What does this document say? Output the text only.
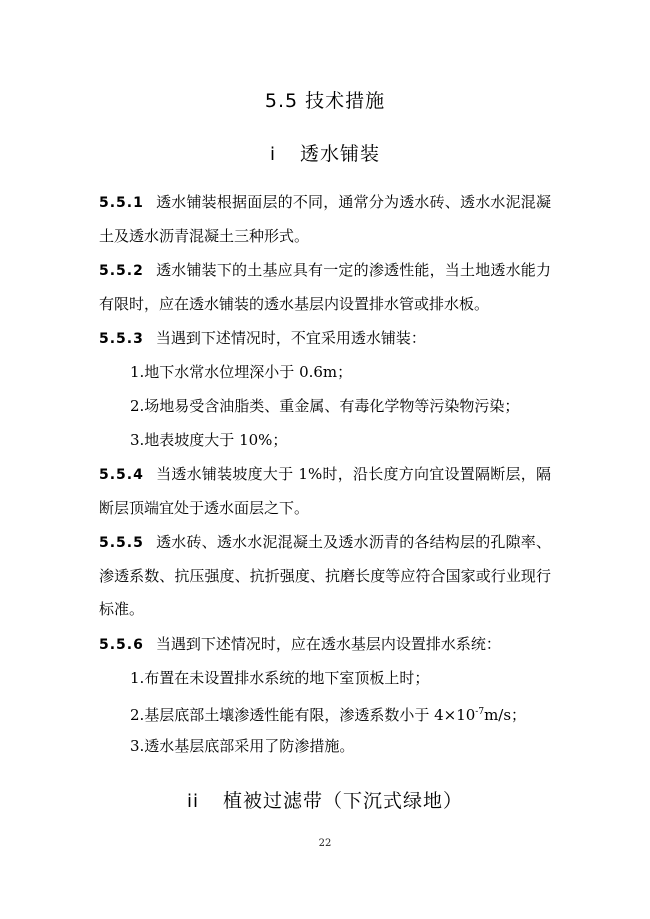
5.5 技术措施
i 透水铺装
5.5.1 透水铺装根据面层的不同，通常分为透水砖、透水水泥混凝土及透水沥青混凝土三种形式。
5.5.2 透水铺装下的土基应具有一定的渗透性能，当土地透水能力有限时，应在透水铺装的透水基层内设置排水管或排水板。
5.5.3 当遇到下述情况时，不宜采用透水铺装：
1.地下水常水位埋深小于 0.6m；
2.场地易受含油脂类、重金属、有毒化学物等污染物污染；
3.地表坡度大于 10%；
5.5.4 当透水铺装坡度大于 1%时，沿长度方向宜设置隔断层，隔断层顶端宜处于透水面层之下。
5.5.5 透水砖、透水水泥混凝土及透水沥青的各结构层的孔隙率、渗透系数、抗压强度、抗折强度、抗磨长度等应符合国家或行业现行标准。
5.5.6 当遇到下述情况时，应在透水基层内设置排水系统：
1.布置在未设置排水系统的地下室顶板上时；
2.基层底部土壤渗透性能有限，渗透系数小于 $4\times 10^{-7}m/s$；
3.透水基层底部采用了防渗措施。
ii 植被过滤带（下沉式绿地）
22
